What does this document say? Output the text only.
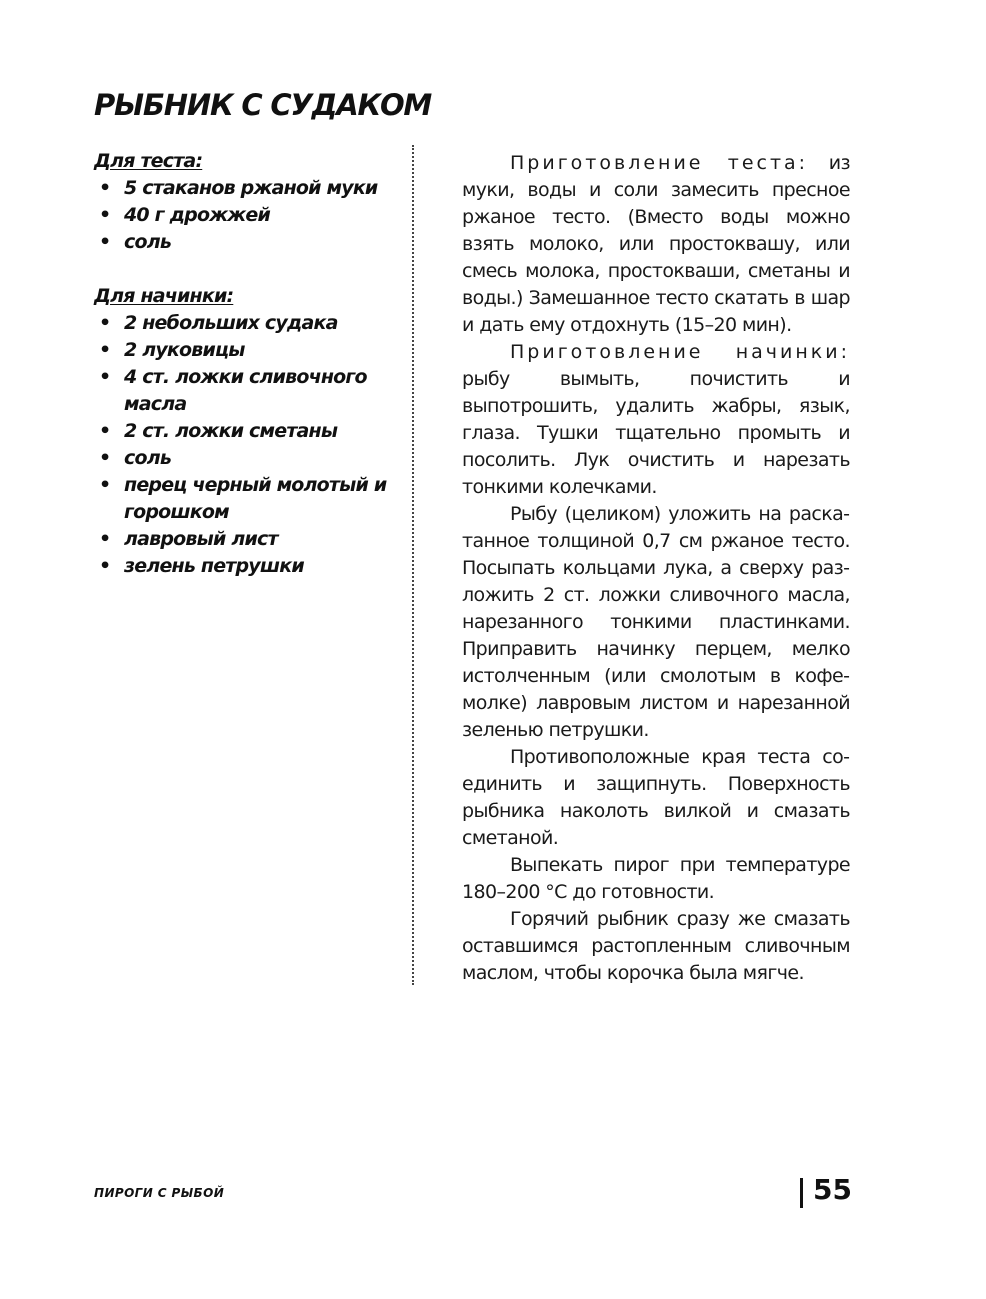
РЫБНИК С СУДАКОМ
Для теста:
• 5 стаканов ржаной муки
• 40 г дрожжей
• соль
Для начинки:
• 2 небольших судака
• 2 луковицы
• 4 ст. ложки сливочного масла
• 2 ст. ложки сметаны
• соль
• перец черный молотый и горошком
• лавровый лист
• зелень петрушки

Приготовление теста: из муки, воды и соли замесить пресное ржаное тесто. (Вместо воды можно взять молоко, или простоквашу, или смесь молока, простокваши, сметаны и воды.) Замешанное тесто скатать в шар и дать ему отдохнуть (15–20 мин).

Приготовление начинки: рыбу вымыть, почистить и выпотрошить, удалить жабры, язык, глаза. Тушки тщательно промыть и посолить. Лук очистить и нарезать тонкими колечками.

Рыбу (целиком) уложить на раскатанное толщиной 0,7 см ржаное тесто. Посыпать кольцами лука, а сверху разложить 2 ст. ложки сливочного масла, нарезанного тонкими пластинками. Приправить начинку перцем, мелко истолченным (или смолотым в кофемолке) лавровым листом и нарезанной зеленью петрушки.

Противоположные края теста соединить и защипнуть. Поверхность рыбника наколоть вилкой и смазать сметаной.

Выпекать пирог при температуре 180–200 °С до готовности.

Горячий рыбник сразу же смазать оставшимся растопленным сливочным маслом, чтобы корочка была мягче.

ПИРОГИ С РЫБОЙ	55
